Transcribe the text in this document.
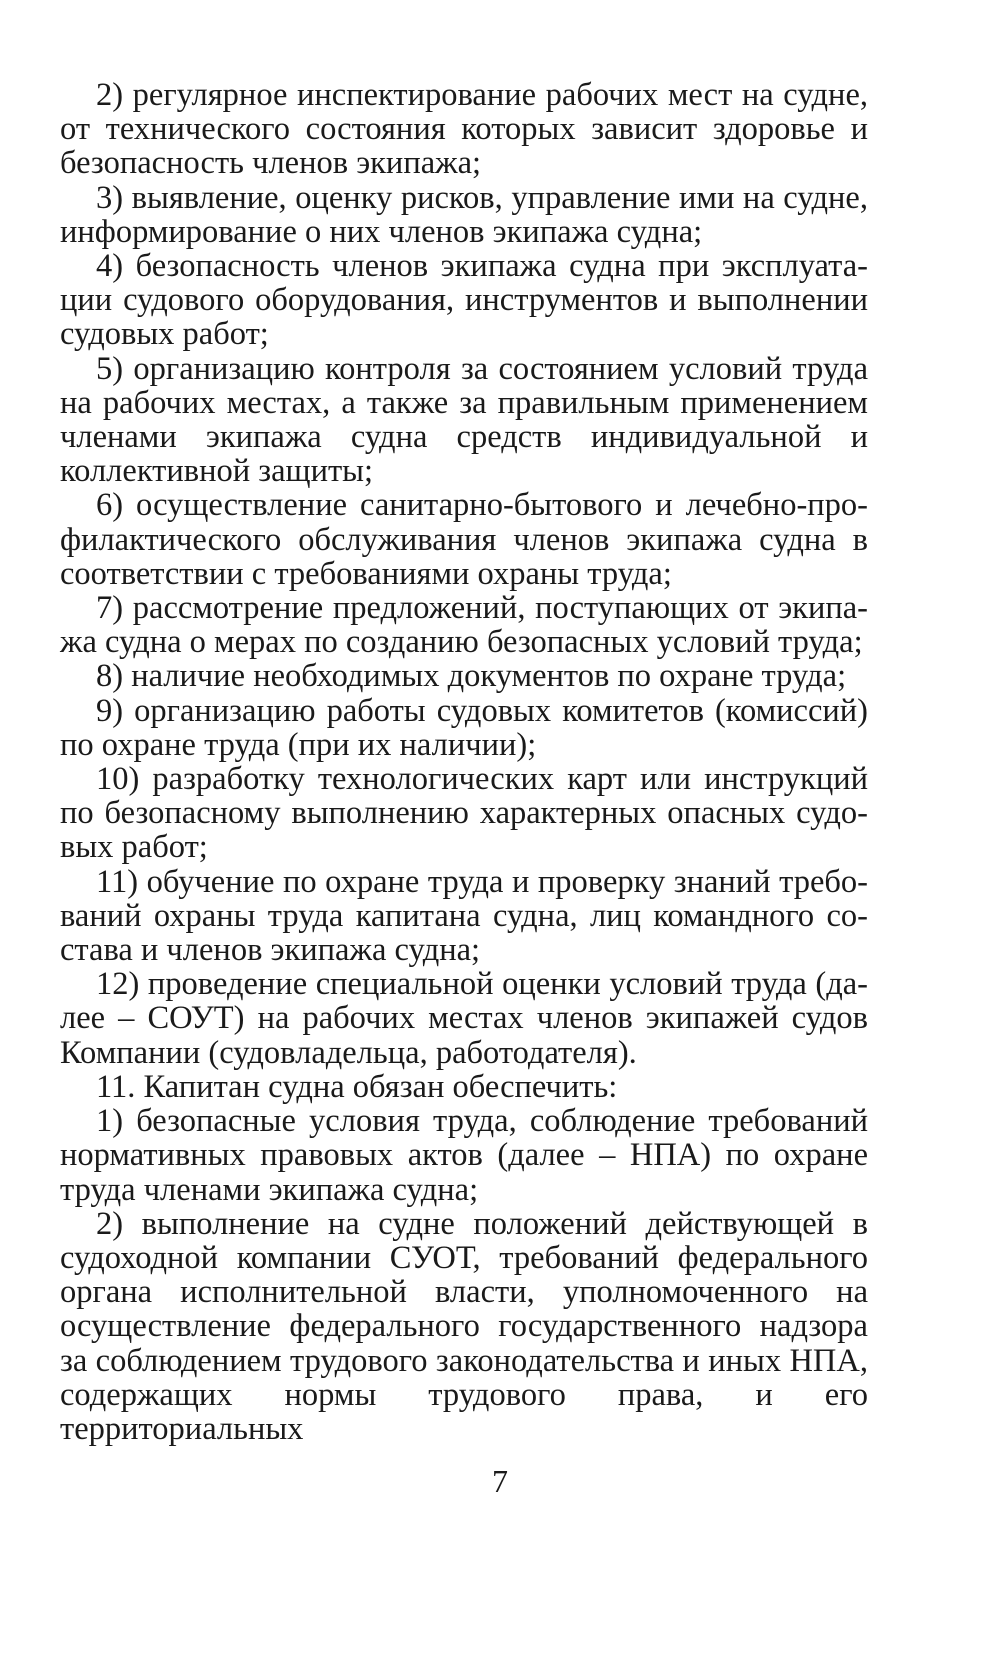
2) регулярное инспектирование рабочих мест на судне, от технического состояния которых зависит здоровье и безопасность членов экипажа;

3) выявление, оценку рисков, управление ими на судне, информирование о них членов экипажа судна;

4) безопасность членов экипажа судна при эксплуатации судового оборудования, инструментов и выполнении судовых работ;

5) организацию контроля за состоянием условий труда на рабочих местах, а также за правильным применением членами экипажа судна средств индивидуальной и коллективной защиты;

6) осуществление санитарно-бытового и лечебно-профилактического обслуживания членов экипажа судна в соответствии с требованиями охраны труда;

7) рассмотрение предложений, поступающих от экипажа судна о мерах по созданию безопасных условий труда;

8) наличие необходимых документов по охране труда;

9) организацию работы судовых комитетов (комиссий) по охране труда (при их наличии);

10) разработку технологических карт или инструкций по безопасному выполнению характерных опасных судовых работ;

11) обучение по охране труда и проверку знаний требований охраны труда капитана судна, лиц командного состава и членов экипажа судна;

12) проведение специальной оценки условий труда (далее – СОУТ) на рабочих местах членов экипажей судов Компании (судовладельца, работодателя).

11. Капитан судна обязан обеспечить:

1) безопасные условия труда, соблюдение требований нормативных правовых актов (далее – НПА) по охране труда членами экипажа судна;

2) выполнение на судне положений действующей в судоходной компании СУОТ, требований федерального органа исполнительной власти, уполномоченного на осуществление федерального государственного надзора за соблюдением трудового законодательства и иных НПА, содержащих нормы трудового права, и его территориальных

7
